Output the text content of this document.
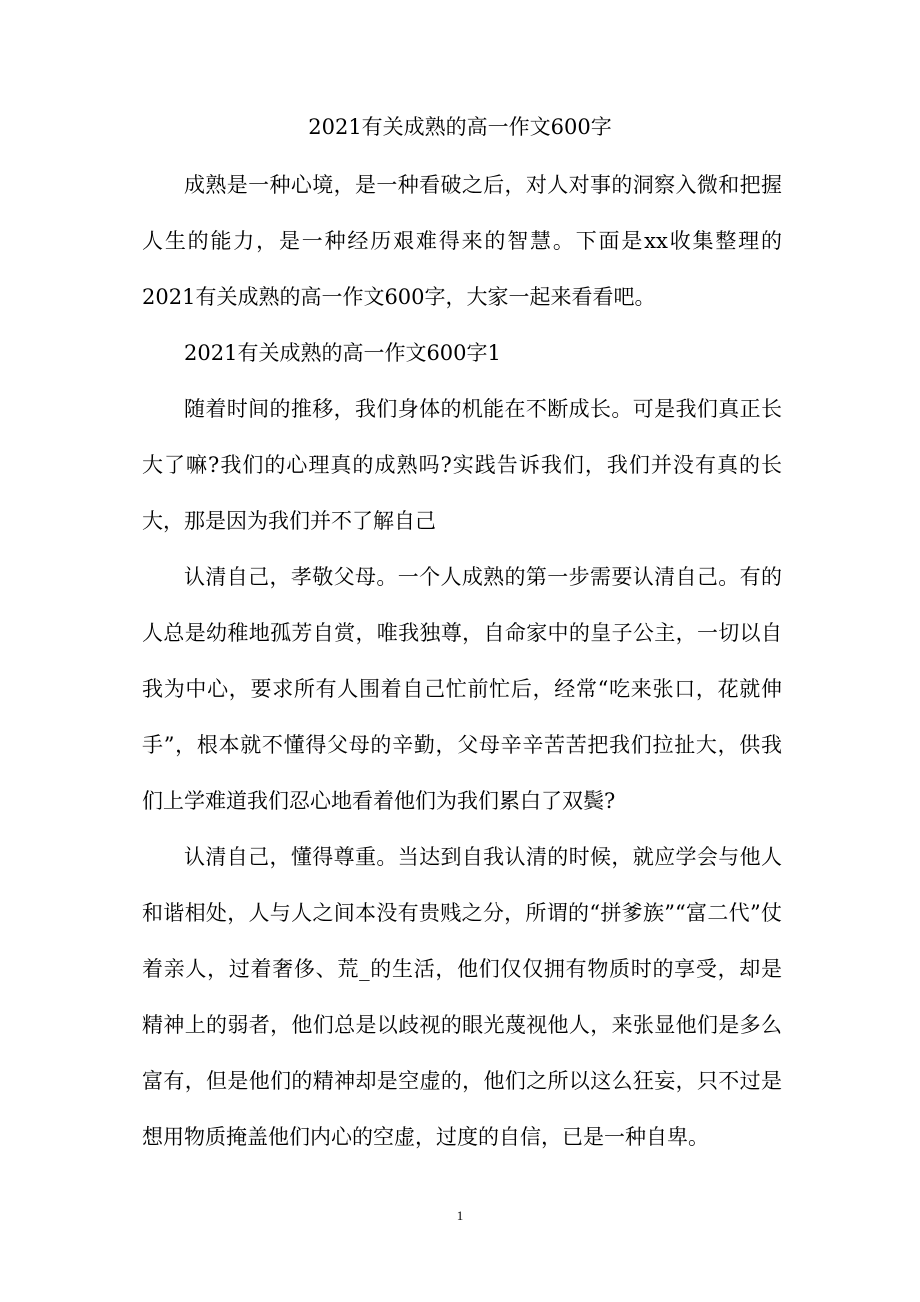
2021有关成熟的高一作文600字

成熟是一种心境，是一种看破之后，对人对事的洞察入微和把握人生的能力，是一种经历艰难得来的智慧。下面是xx收集整理的2021有关成熟的高一作文600字，大家一起来看看吧。

2021有关成熟的高一作文600字1

随着时间的推移，我们身体的机能在不断成长。可是我们真正长大了嘛?我们的心理真的成熟吗?实践告诉我们，我们并没有真的长大，那是因为我们并不了解自己

认清自己，孝敬父母。一个人成熟的第一步需要认清自己。有的人总是幼稚地孤芳自赏，唯我独尊，自命家中的皇子公主，一切以自我为中心，要求所有人围着自己忙前忙后，经常“吃来张口，花就伸手”，根本就不懂得父母的辛勤，父母辛辛苦苦把我们拉扯大，供我们上学难道我们忍心地看着他们为我们累白了双鬓?

认清自己，懂得尊重。当达到自我认清的时候，就应学会与他人和谐相处，人与人之间本没有贵贱之分，所谓的“拼爹族”“富二代”仗着亲人，过着奢侈、荒_的生活，他们仅仅拥有物质时的享受，却是精神上的弱者，他们总是以歧视的眼光蔑视他人，来张显他们是多么富有，但是他们的精神却是空虚的，他们之所以这么狂妄，只不过是想用物质掩盖他们内心的空虚，过度的自信，已是一种自卑。

1
